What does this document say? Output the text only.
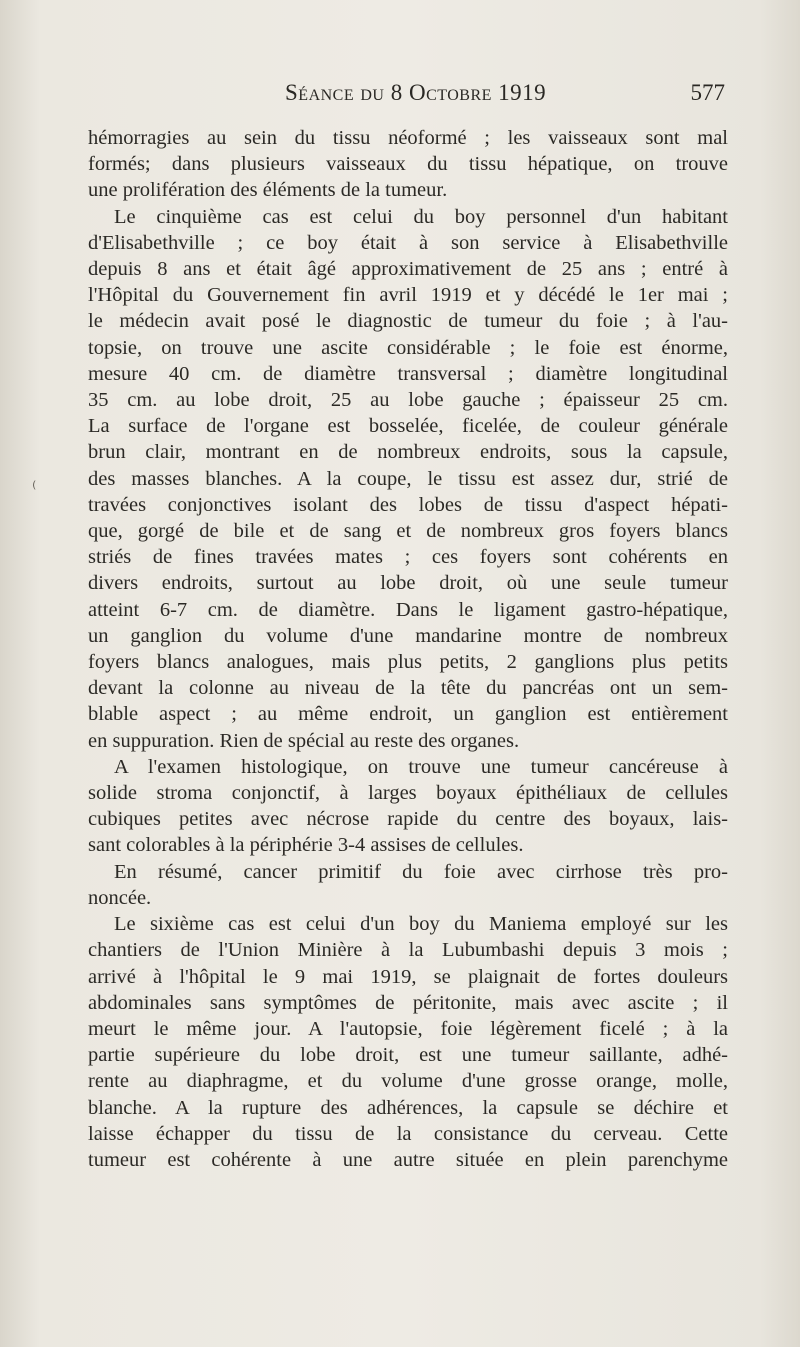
Séance du 8 Octobre 1919	577
⁽
hémorragies au sein du tissu néoformé ; les vaisseaux sont mal
formés; dans plusieurs vaisseaux du tissu hépatique, on trouve
une prolifération des éléments de la tumeur.
Le cinquième cas est celui du boy personnel d'un habitant
d'Elisabethville ; ce boy était à son service à Elisabethville
depuis 8 ans et était âgé approximativement de 25 ans ; entré à
l'Hôpital du Gouvernement fin avril 1919 et y décédé le 1er mai ;
le médecin avait posé le diagnostic de tumeur du foie ; à l'au-
topsie, on trouve une ascite considérable ; le foie est énorme,
mesure 40 cm. de diamètre transversal ; diamètre longitudinal
35 cm. au lobe droit, 25 au lobe gauche ; épaisseur 25 cm.
La surface de l'organe est bosselée, ficelée, de couleur générale
brun clair, montrant en de nombreux endroits, sous la capsule,
des masses blanches. A la coupe, le tissu est assez dur, strié de
travées conjonctives isolant des lobes de tissu d'aspect hépati-
que, gorgé de bile et de sang et de nombreux gros foyers blancs
striés de fines travées mates ; ces foyers sont cohérents en
divers endroits, surtout au lobe droit, où une seule tumeur
atteint 6-7 cm. de diamètre. Dans le ligament gastro-hépatique,
un ganglion du volume d'une mandarine montre de nombreux
foyers blancs analogues, mais plus petits, 2 ganglions plus petits
devant la colonne au niveau de la tête du pancréas ont un sem-
blable aspect ; au même endroit, un ganglion est entièrement
en suppuration. Rien de spécial au reste des organes.
A l'examen histologique, on trouve une tumeur cancéreuse à
solide stroma conjonctif, à larges boyaux épithéliaux de cellules
cubiques petites avec nécrose rapide du centre des boyaux, lais-
sant colorables à la périphérie 3-4 assises de cellules.
En résumé, cancer primitif du foie avec cirrhose très pro-
noncée.
Le sixième cas est celui d'un boy du Maniema employé sur les
chantiers de l'Union Minière à la Lubumbashi depuis 3 mois ;
arrivé à l'hôpital le 9 mai 1919, se plaignait de fortes douleurs
abdominales sans symptômes de péritonite, mais avec ascite ; il
meurt le même jour. A l'autopsie, foie légèrement ficelé ; à la
partie supérieure du lobe droit, est une tumeur saillante, adhé-
rente au diaphragme, et du volume d'une grosse orange, molle,
blanche. A la rupture des adhérences, la capsule se déchire et
laisse échapper du tissu de la consistance du cerveau. Cette
tumeur est cohérente à une autre située en plein parenchyme
